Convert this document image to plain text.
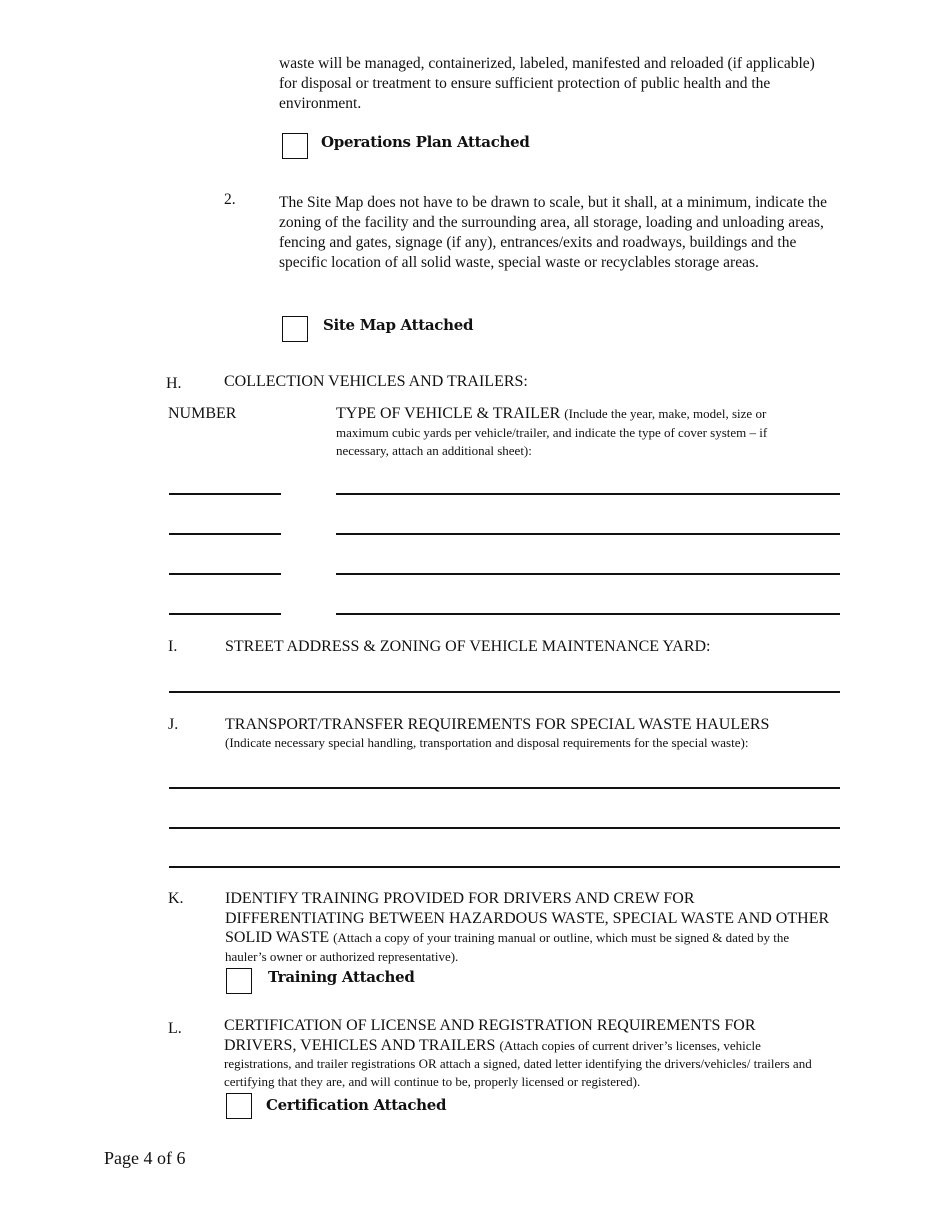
waste will be managed, containerized, labeled, manifested and reloaded (if applicable) for disposal or treatment to ensure sufficient protection of public health and the environment.
Operations Plan Attached
2.	The Site Map does not have to be drawn to scale, but it shall, at a minimum, indicate the zoning of the facility and the surrounding area, all storage, loading and unloading areas, fencing and gates, signage (if any), entrances/exits and roadways, buildings and the specific location of all solid waste, special waste or recyclables storage areas.
Site Map Attached
H.	COLLECTION VEHICLES AND TRAILERS:
NUMBER	TYPE OF VEHICLE & TRAILER (Include the year, make, model, size or maximum cubic yards per vehicle/trailer, and indicate the type of cover system – if necessary, attach an additional sheet):
I.	STREET ADDRESS & ZONING OF VEHICLE MAINTENANCE YARD:
J.	TRANSPORT/TRANSFER REQUIREMENTS FOR SPECIAL WASTE HAULERS
(Indicate necessary special handling, transportation and disposal requirements for the special waste):
K.	IDENTIFY TRAINING PROVIDED FOR DRIVERS AND CREW FOR DIFFERENTIATING BETWEEN HAZARDOUS WASTE, SPECIAL WASTE AND OTHER SOLID WASTE (Attach a copy of your training manual or outline, which must be signed & dated by the hauler’s owner or authorized representative).
Training Attached
L.	CERTIFICATION OF LICENSE AND REGISTRATION REQUIREMENTS FOR DRIVERS, VEHICLES AND TRAILERS (Attach copies of current driver’s licenses, vehicle registrations, and trailer registrations OR attach a signed, dated letter identifying the drivers/vehicles/ trailers and certifying that they are, and will continue to be, properly licensed or registered).
Certification Attached
Page 4 of 6
